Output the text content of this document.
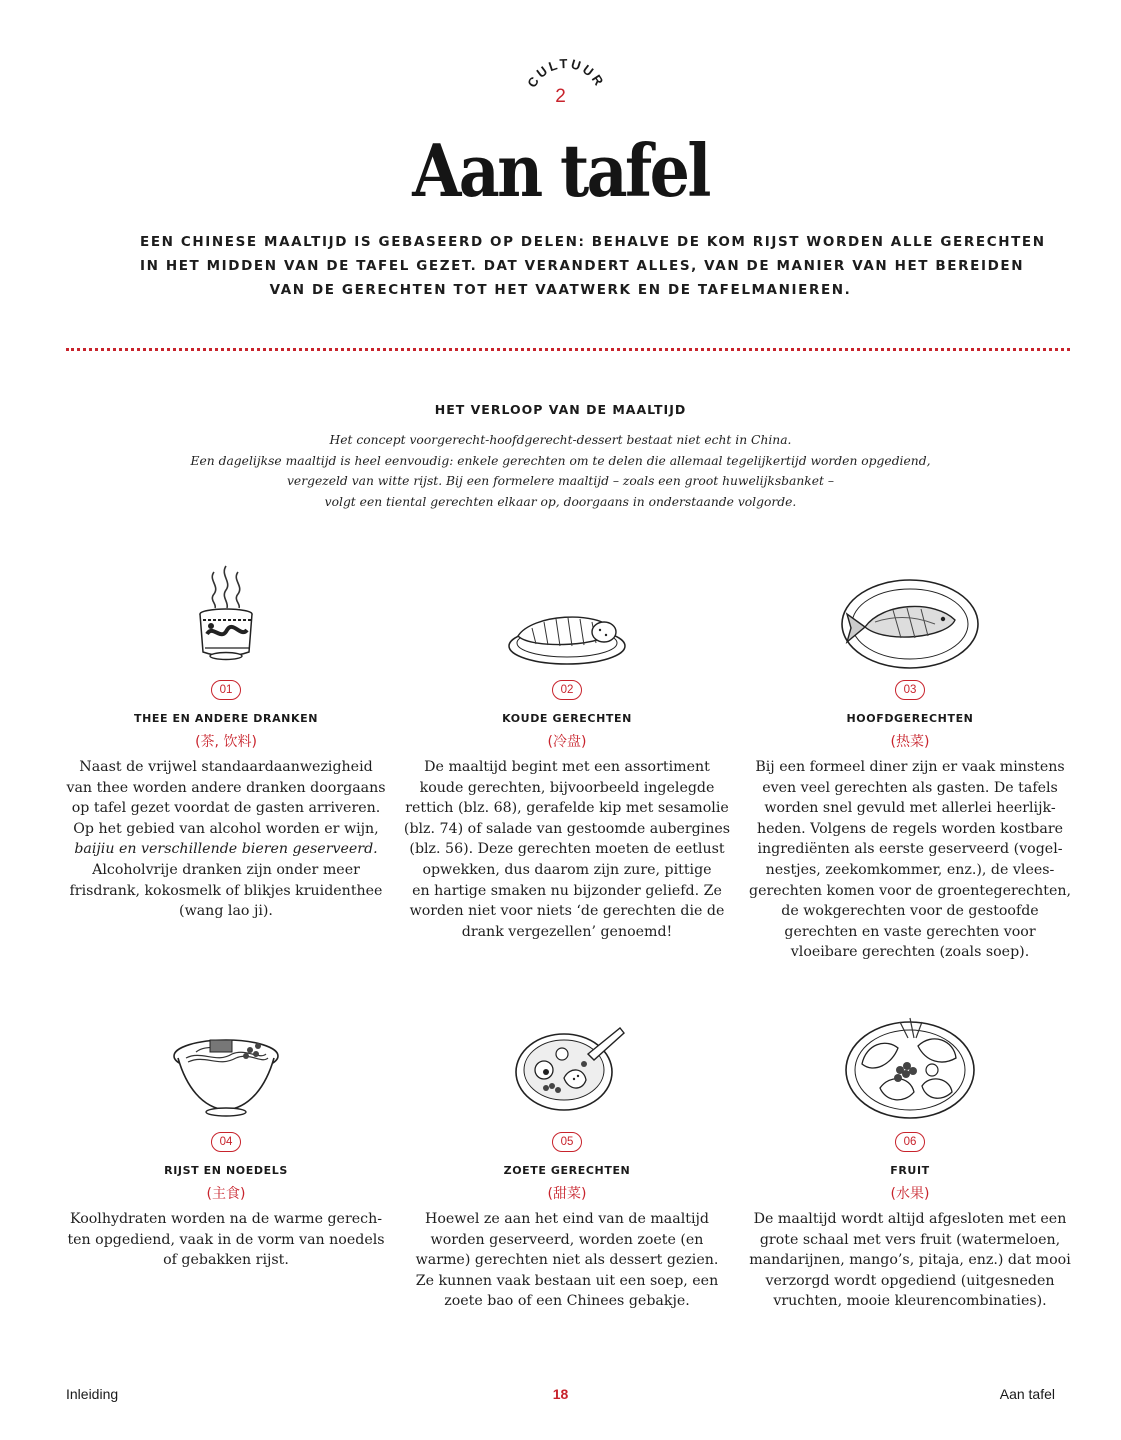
CULTUUR
2
Aan tafel
EEN CHINESE MAALTIJD IS GEBASEERD OP DELEN: BEHALVE DE KOM RIJST WORDEN ALLE GERECHTEN
IN HET MIDDEN VAN DE TAFEL GEZET. DAT VERANDERT ALLES, VAN DE MANIER VAN HET BEREIDEN
VAN DE GERECHTEN TOT HET VAATWERK EN DE TAFELMANIEREN.
HET VERLOOP VAN DE MAALTIJD
Het concept voorgerecht-hoofdgerecht-dessert bestaat niet echt in China.
Een dagelijkse maaltijd is heel eenvoudig: enkele gerechten om te delen die allemaal tegelijkertijd worden opgediend,
vergezeld van witte rijst. Bij een formelere maaltijd – zoals een groot huwelijksbanket –
volgt een tiental gerechten elkaar op, doorgaans in onderstaande volgorde.
01
THEE EN ANDERE DRANKEN
(茶, 饮料)
Naast de vrijwel standaardaanwezigheid
van thee worden andere dranken doorgaans
op tafel gezet voordat de gasten arriveren.
Op het gebied van alcohol worden er wijn,
baijiu en verschillende bieren geserveerd.
Alcoholvrije dranken zijn onder meer
frisdrank, kokosmelk of blikjes kruidenthee
(wang lao ji).
02
KOUDE GERECHTEN
(冷盘)
De maaltijd begint met een assortiment
koude gerechten, bijvoorbeeld ingelegde
rettich (blz. 68), gerafelde kip met sesamolie
(blz. 74) of salade van gestoomde aubergines
(blz. 56). Deze gerechten moeten de eetlust
opwekken, dus daarom zijn zure, pittige
en hartige smaken nu bijzonder geliefd. Ze
worden niet voor niets ‘de gerechten die de
drank vergezellen’ genoemd!
03
HOOFDGERECHTEN
(热菜)
Bij een formeel diner zijn er vaak minstens
even veel gerechten als gasten. De tafels
worden snel gevuld met allerlei heerlijk-
heden. Volgens de regels worden kostbare
ingrediënten als eerste geserveerd (vogel-
nestjes, zeekomkommer, enz.), de vlees-
gerechten komen voor de groentegerechten,
de wokgerechten voor de gestoofde
gerechten en vaste gerechten voor
vloeibare gerechten (zoals soep).
04
RIJST EN NOEDELS
(主食)
Koolhydraten worden na de warme gerech-
ten opgediend, vaak in de vorm van noedels
of gebakken rijst.
05
ZOETE GERECHTEN
(甜菜)
Hoewel ze aan het eind van de maaltijd
worden geserveerd, worden zoete (en
warme) gerechten niet als dessert gezien.
Ze kunnen vaak bestaan uit een soep, een
zoete bao of een Chinees gebakje.
06
FRUIT
(水果)
De maaltijd wordt altijd afgesloten met een
grote schaal met vers fruit (watermeloen,
mandarijnen, mango’s, pitaja, enz.) dat mooi
verzorgd wordt opgediend (uitgesneden
vruchten, mooie kleurencombinaties).
Inleiding	18	Aan tafel
